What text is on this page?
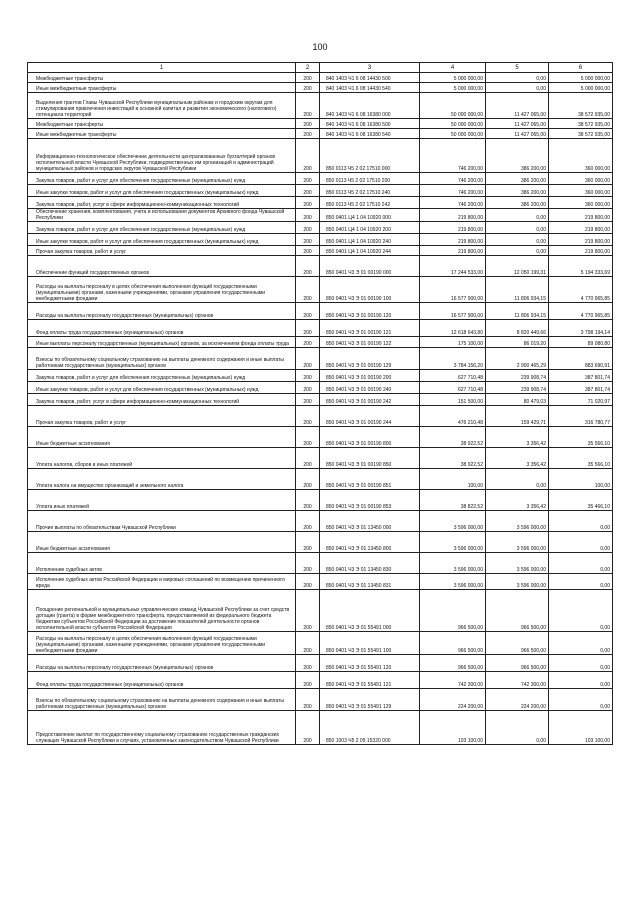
100
1	2	3	4	5	6
Межбюджетные трансферты	200	840 1403 Ч1 6 08 14430 500	5 000 000,00	0,00	5 000 000,00
Иные межбюджетные трансферты	200	840 1403 Ч1 6 08 14430 540	5 000 000,00	0,00	5 000 000,00
Выделения грантов Главы Чувашской Республики муниципальным районам и городским округам для стимулирования привлечения инвестиций в основной капитал и развития экономического (налогового) потенциала территорий	200	840 1403 Ч1 6 08 16380 000	50 000 000,00	11 427 065,00	38 572 935,00
Межбюджетные трансферты	200	840 1403 Ч1 6 08 16380 500	50 000 000,00	11 427 065,00	38 572 935,00
Иные межбюджетные трансферты	200	840 1403 Ч1 6 08 16380 540	50 000 000,00	11 427 065,00	38 572 935,00
Информационно-технологическое обеспечение деятельности централизованных бухгалтерий органов исполнительной власти Чувашской Республики, подведомственных им организаций и администраций муниципальных районов и городских округов Чувашской Республики	200	850 0113 Ч5 2 02 17510 000	746 200,00	386 200,00	360 000,00
Закупка товаров, работ и услуг для обеспечения государственных (муниципальных) нужд	200	850 0113 Ч5 2 02 17510 200	746 200,00	386 200,00	360 000,00
Иные закупки товаров, работ и услуг для обеспечения государственных (муниципальных) нужд	200	850 0113 Ч5 2 02 17510 240	746 200,00	386 200,00	360 000,00
Закупка товаров, работ, услуг в сфере информационно-коммуникационных технологий	200	850 0113 Ч5 2 02 17510 242	746 200,00	386 200,00	360 000,00
Обеспечение хранения, комплектования, учета и использования документов Архивного фонда Чувашской Республики	200	850 0401 Ц4 1 04 10920 000	219 800,00	0,00	219 800,00
Закупка товаров, работ и услуг для обеспечения государственных (муниципальных) нужд	200	850 0401 Ц4 1 04 10920 200	219 800,00	0,00	219 800,00
Иные закупки товаров, работ и услуг для обеспечения государственных (муниципальных) нужд	200	850 0401 Ц4 1 04 10920 240	219 800,00	0,00	219 800,00
Прочая закупка товаров, работ и услуг	200	850 0401 Ц4 1 04 10920 244	219 800,00	0,00	219 800,00
Обеспечение функций государственных органов	200	850 0401 Ч3 Э 01 00190 000	17 244 533,00	12 050 199,31	5 194 333,69
Расходы на выплаты персоналу в целях обеспечения выполнения функций государственными (муниципальными) органами, казенными учреждениями, органами управления государственными внебюджетными фондами	200	850 0401 Ч3 Э 01 00190 100	16 577 900,00	11 806 934,15	4 770 965,85
Расходы на выплаты персоналу государственных (муниципальных) органов	200	850 0401 Ч3 Э 01 00190 120	16 577 900,00	11 806 934,15	4 770 965,85
Фонд оплаты труда государственных (муниципальных) органов	200	850 0401 Ч3 Э 01 00190 121	12 618 643,80	8 820 449,66	3 798 194,14
Иные выплаты персоналу государственных (муниципальных) органов, за исключением фонда оплаты труда	200	850 0401 Ч3 Э 01 00190 122	175 100,00	86 019,20	89 080,80
Взносы по обязательному социальному страхованию на выплаты денежного содержания и иные выплаты работникам государственных (муниципальных) органов	200	850 0401 Ч3 Э 01 00190 129	3 784 156,20	2 900 465,29	883 690,91
Закупка товаров, работ и услуг для обеспечения государственных (муниципальных) нужд	200	850 0401 Ч3 Э 01 00190 200	627 710,48	239 908,74	387 801,74
Иные закупки товаров, работ и услуг для обеспечения государственных (муниципальных) нужд	200	850 0401 Ч3 Э 01 00190 240	627 710,48	239 908,74	387 801,74
Закупка товаров, работ, услуг в сфере информационно-коммуникационных технологий	200	850 0401 Ч3 Э 01 00190 242	151 500,00	80 479,03	71 020,97
Прочая закупка товаров, работ и услуг	200	850 0401 Ч3 Э 01 00190 244	476 210,48	159 429,71	316 780,77
Иные бюджетные ассигнования	200	850 0401 Ч3 Э 01 00190 800	38 922,52	3 356,42	35 566,10
Уплата налогов, сборов и иных платежей	200	850 0401 Ч3 Э 01 00190 850	38 922,52	3 356,42	35 566,10
Уплата налога на имущество организаций и земельного налога	200	850 0401 Ч3 Э 01 00190 851	100,00	0,00	100,00
Уплата иных платежей	200	850 0401 Ч3 Э 01 00190 853	38 822,52	3 356,42	35 466,10
Прочие выплаты по обязательствам Чувашской Республики	200	850 0401 Ч3 Э 01 13450 000	3 596 000,00	3 596 000,00	0,00
Иные бюджетные ассигнования	200	850 0401 Ч3 Э 01 13450 800	3 596 000,00	3 596 000,00	0,00
Исполнение судебных актов	200	850 0401 Ч3 Э 01 13450 830	3 596 000,00	3 596 000,00	0,00
Исполнение судебных актов Российской Федерации и мировых соглашений по возмещению причиненного вреда	200	850 0401 Ч3 Э 01 13450 831	3 596 000,00	3 596 000,00	0,00
Поощрение региональной и муниципальных управленческих команд Чувашской Республики за счет средств дотации (гранта) в форме межбюджетного трансферта, предоставляемой из федерального бюджета бюджетам субъектов Российской Федерации за достижение показателей деятельности органов исполнительной власти субъектов Российской Федерации	200	850 0401 Ч3 Э 01 55491 000	966 500,00	966 500,00	0,00
Расходы на выплаты персоналу в целях обеспечения выполнения функций государственными (муниципальными) органами, казенными учреждениями, органами управления государственными внебюджетными фондами	200	850 0401 Ч3 Э 01 55491 100	966 500,00	966 500,00	0,00
Расходы на выплаты персоналу государственных (муниципальных) органов	200	850 0401 Ч3 Э 01 55491 120	966 500,00	966 500,00	0,00
Фонд оплаты труда государственных (муниципальных) органов	200	850 0401 Ч3 Э 01 55491 121	742 300,00	742 300,00	0,00
Взносы по обязательному социальному страхованию на выплаты денежного содержания и иные выплаты работникам государственных (муниципальных) органов	200	850 0401 Ч3 Э 01 55491 129	224 200,00	224 200,00	0,00
Предоставление выплат по государственному социальному страхованию государственных гражданских служащих Чувашской Республики в случаях, установленных законодательством Чувашской Республики	200	850 1003 Ч5 2 05 15320 000	103 100,00	0,00	103 100,00
